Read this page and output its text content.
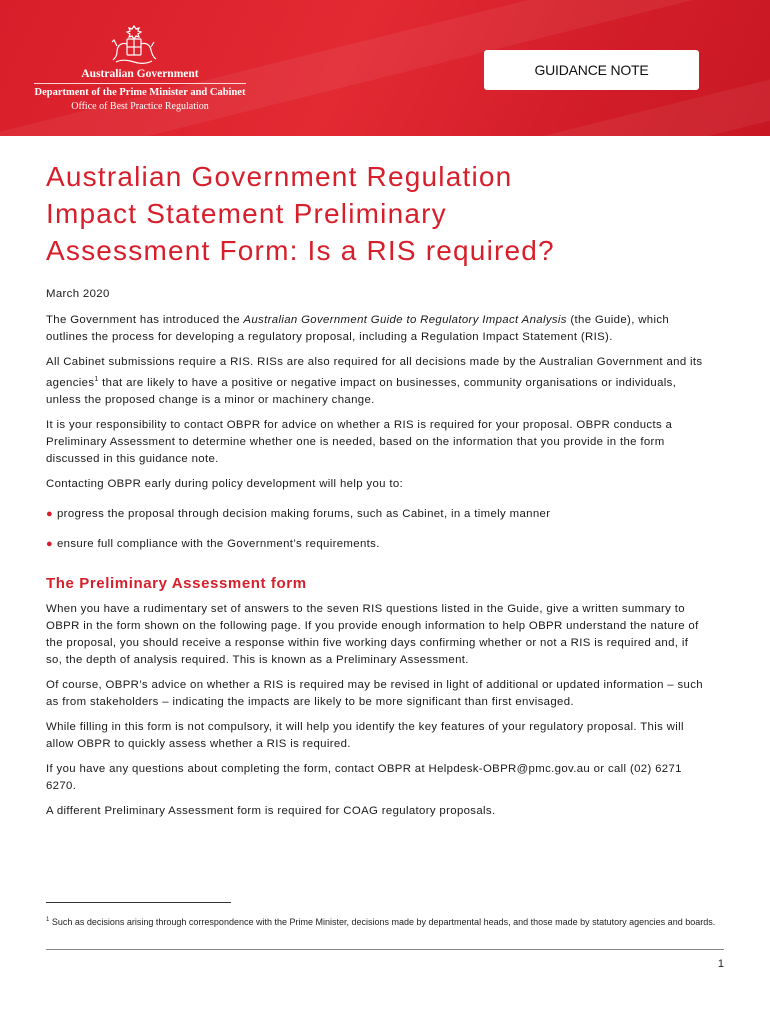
Australian Government
Department of the Prime Minister and Cabinet
Office of Best Practice Regulation
GUIDANCE NOTE
Australian Government Regulation
Impact Statement Preliminary
Assessment Form: Is a RIS required?

March 2020

The Government has introduced the Australian Government Guide to Regulatory Impact Analysis (the Guide), which outlines the process for developing a regulatory proposal, including a Regulation Impact Statement (RIS).

All Cabinet submissions require a RIS. RISs are also required for all decisions made by the Australian Government and its agencies$^1$ that are likely to have a positive or negative impact on businesses, community organisations or individuals, unless the proposed change is a minor or machinery change.

It is your responsibility to contact OBPR for advice on whether a RIS is required for your proposal. OBPR conducts a Preliminary Assessment to determine whether one is needed, based on the information that you provide in the form discussed in this guidance note.

Contacting OBPR early during policy development will help you to:

● progress the proposal through decision making forums, such as Cabinet, in a timely manner
● ensure full compliance with the Government’s requirements.
The Preliminary Assessment form

When you have a rudimentary set of answers to the seven RIS questions listed in the Guide, give a written summary to OBPR in the form shown on the following page. If you provide enough information to help OBPR understand the nature of the proposal, you should receive a response within five working days confirming whether or not a RIS is required and, if so, the depth of analysis required. This is known as a Preliminary Assessment.

Of course, OBPR’s advice on whether a RIS is required may be revised in light of additional or updated information – such as from stakeholders – indicating the impacts are likely to be more significant than first envisaged.

While filling in this form is not compulsory, it will help you identify the key features of your regulatory proposal. This will allow OBPR to quickly assess whether a RIS is required.

If you have any questions about completing the form, contact OBPR at Helpdesk-OBPR@pmc.gov.au or call (02) 6271 6270.

A different Preliminary Assessment form is required for COAG regulatory proposals.

$^1$ Such as decisions arising through correspondence with the Prime Minister, decisions made by departmental heads, and those made by statutory agencies and boards.
1
